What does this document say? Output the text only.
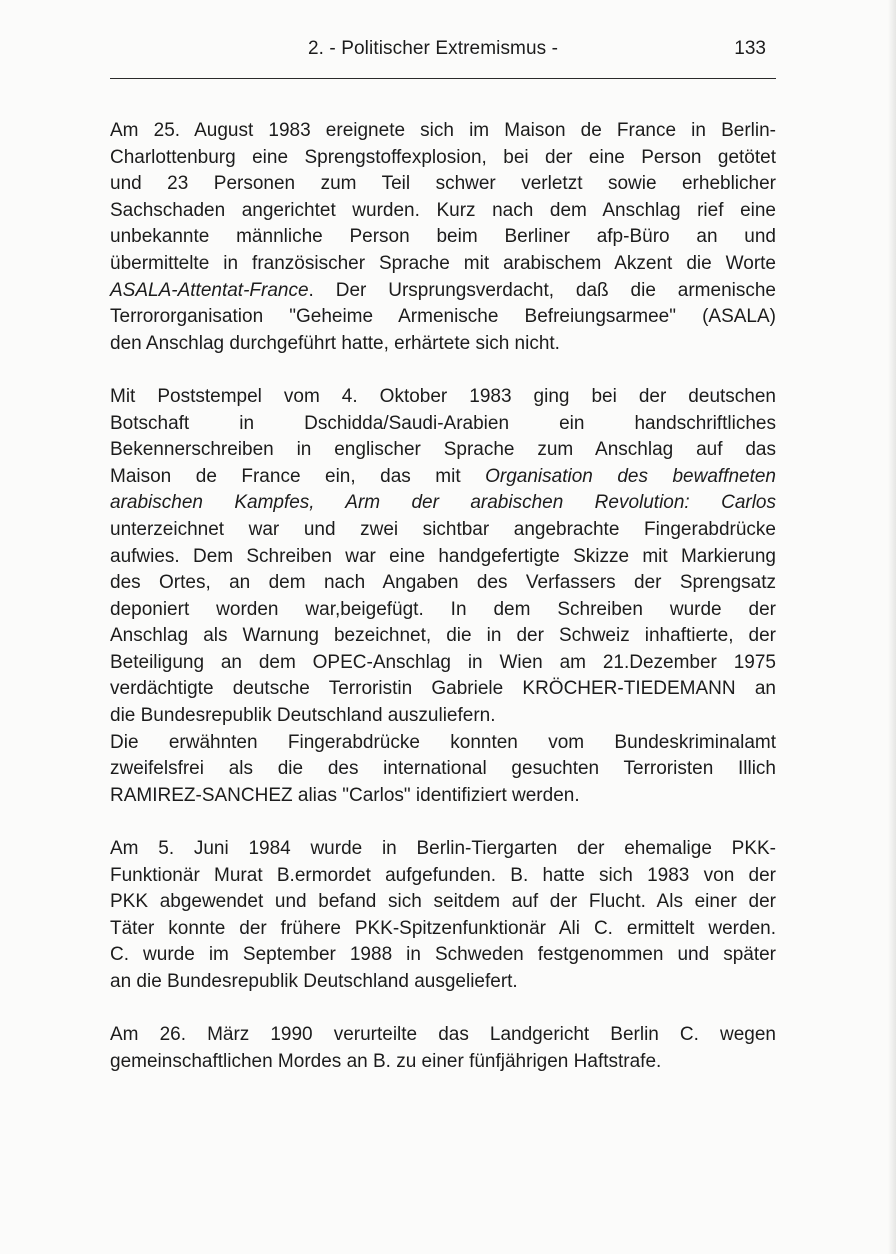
2. - Politischer Extremismus -	133
Am 25. August 1983 ereignete sich im Maison de France in Berlin-
Charlottenburg eine Sprengstoffexplosion, bei der eine Person getötet
und 23 Personen zum Teil schwer verletzt sowie erheblicher
Sachschaden angerichtet wurden. Kurz nach dem Anschlag rief eine
unbekannte männliche Person beim Berliner afp-Büro an und
übermittelte in französischer Sprache mit arabischem Akzent die Worte
ASALA-Attentat-France. Der Ursprungsverdacht, daß die armenische
Terrororganisation "Geheime Armenische Befreiungsarmee" (ASALA)
den Anschlag durchgeführt hatte, erhärtete sich nicht.
Mit Poststempel vom 4. Oktober 1983 ging bei der deutschen
Botschaft in Dschidda/Saudi-Arabien ein handschriftliches
Bekennerschreiben in englischer Sprache zum Anschlag auf das
Maison de France ein, das mit Organisation des bewaffneten
arabischen Kampfes, Arm der arabischen Revolution: Carlos
unterzeichnet war und zwei sichtbar angebrachte Fingerabdrücke
aufwies. Dem Schreiben war eine handgefertigte Skizze mit Markierung
des Ortes, an dem nach Angaben des Verfassers der Sprengsatz
deponiert worden war,beigefügt. In dem Schreiben wurde der
Anschlag als Warnung bezeichnet, die in der Schweiz inhaftierte, der
Beteiligung an dem OPEC-Anschlag in Wien am 21.Dezember 1975
verdächtigte deutsche Terroristin Gabriele KRÖCHER-TIEDEMANN an
die Bundesrepublik Deutschland auszuliefern.
Die erwähnten Fingerabdrücke konnten vom Bundeskriminalamt
zweifelsfrei als die des international gesuchten Terroristen Illich
RAMIREZ-SANCHEZ alias "Carlos" identifiziert werden.
Am 5. Juni 1984 wurde in Berlin-Tiergarten der ehemalige PKK-
Funktionär Murat B.ermordet aufgefunden. B. hatte sich 1983 von der
PKK abgewendet und befand sich seitdem auf der Flucht. Als einer der
Täter konnte der frühere PKK-Spitzenfunktionär Ali C. ermittelt werden.
C. wurde im September 1988 in Schweden festgenommen und später
an die Bundesrepublik Deutschland ausgeliefert.
Am 26. März 1990 verurteilte das Landgericht Berlin C. wegen
gemeinschaftlichen Mordes an B. zu einer fünfjährigen Haftstrafe.
